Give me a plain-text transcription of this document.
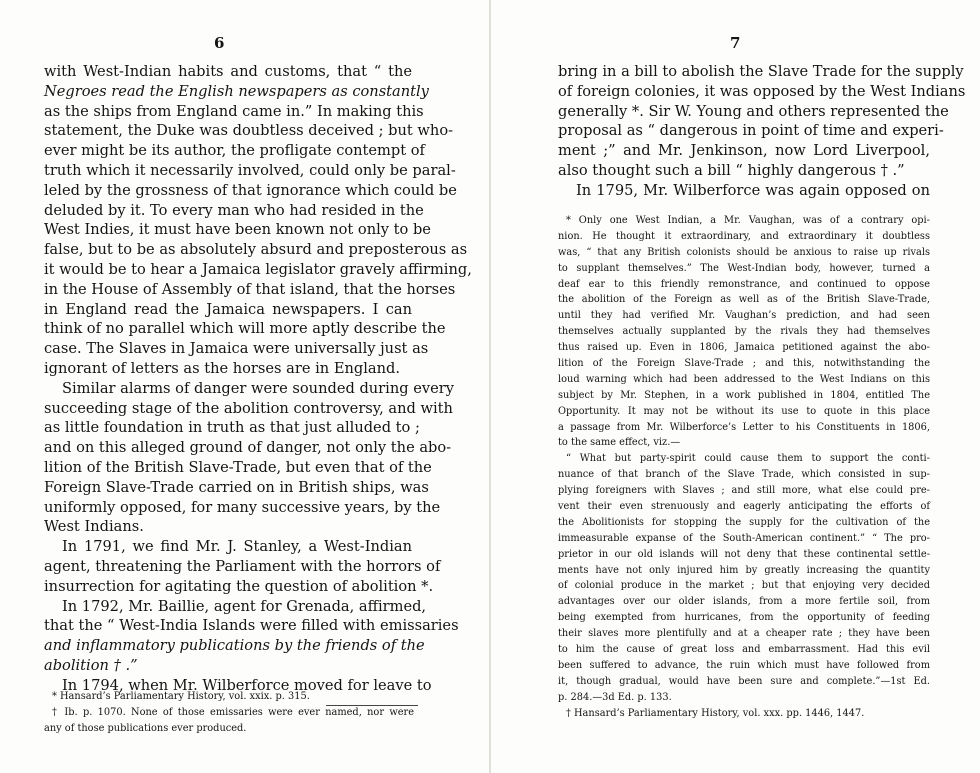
6
with West-Indian habits and customs, that “ the
Negroes read the English newspapers as constantly
as the ships from England came in.” In making this
statement, the Duke was doubtless deceived ; but who-
ever might be its author, the profligate contempt of
truth which it necessarily involved, could only be paral-
leled by the grossness of that ignorance which could be
deluded by it. To every man who had resided in the
West Indies, it must have been known not only to be
false, but to be as absolutely absurd and preposterous as
it would be to hear a Jamaica legislator gravely affirming,
in the House of Assembly of that island, that the horses
in England read the Jamaica newspapers. I can
think of no parallel which will more aptly describe the
case. The Slaves in Jamaica were universally just as
ignorant of letters as the horses are in England.
Similar alarms of danger were sounded during every
succeeding stage of the abolition controversy, and with
as little foundation in truth as that just alluded to ;
and on this alleged ground of danger, not only the abo-
lition of the British Slave-Trade, but even that of the
Foreign Slave-Trade carried on in British ships, was
uniformly opposed, for many successive years, by the
West Indians.
In 1791, we find Mr. J. Stanley, a West-Indian
agent, threatening the Parliament with the horrors of
insurrection for agitating the question of abolition *.
In 1792, Mr. Baillie, agent for Grenada, affirmed,
that the “ West-India Islands were filled with emissaries
and inflammatory publications by the friends of the
abolition † .”
In 1794, when Mr. Wilberforce moved for leave to
* Hansard’s Parliamentary History, vol. xxix. p. 315.
† Ib. p. 1070. None of those emissaries were ever named, nor were
any of those publications ever produced.
7
bring in a bill to abolish the Slave Trade for the supply
of foreign colonies, it was opposed by the West Indians
generally *. Sir W. Young and others represented the
proposal as “ dangerous in point of time and experi-
ment ;” and Mr. Jenkinson, now Lord Liverpool,
also thought such a bill “ highly dangerous † .”
In 1795, Mr. Wilberforce was again opposed on
* Only one West Indian, a Mr. Vaughan, was of a contrary opi-
nion. He thought it extraordinary, and extraordinary it doubtless
was, “ that any British colonists should be anxious to raise up rivals
to supplant themselves.” The West-Indian body, however, turned a
deaf ear to this friendly remonstrance, and continued to oppose
the abolition of the Foreign as well as of the British Slave-Trade,
until they had verified Mr. Vaughan’s prediction, and had seen
themselves actually supplanted by the rivals they had themselves
thus raised up. Even in 1806, Jamaica petitioned against the abo-
lition of the Foreign Slave-Trade ; and this, notwithstanding the
loud warning which had been addressed to the West Indians on this
subject by Mr. Stephen, in a work published in 1804, entitled The
Opportunity. It may not be without its use to quote in this place
a passage from Mr. Wilberforce’s Letter to his Constituents in 1806,
to the same effect, viz.—
“ What but party-spirit could cause them to support the conti-
nuance of that branch of the Slave Trade, which consisted in sup-
plying foreigners with Slaves ; and still more, what else could pre-
vent their even strenuously and eagerly anticipating the efforts of
the Abolitionists for stopping the supply for the cultivation of the
immeasurable expanse of the South-American continent.” “ The pro-
prietor in our old islands will not deny that these continental settle-
ments have not only injured him by greatly increasing the quantity
of colonial produce in the market ; but that enjoying very decided
advantages over our older islands, from a more fertile soil, from
being exempted from hurricanes, from the opportunity of feeding
their slaves more plentifully and at a cheaper rate ; they have been
to him the cause of great loss and embarrassment. Had this evil
been suffered to advance, the ruin which must have followed from
it, though gradual, would have been sure and complete.”—1st Ed.
p. 284.—3d Ed. p. 133.
† Hansard’s Parliamentary History, vol. xxx. pp. 1446, 1447.
